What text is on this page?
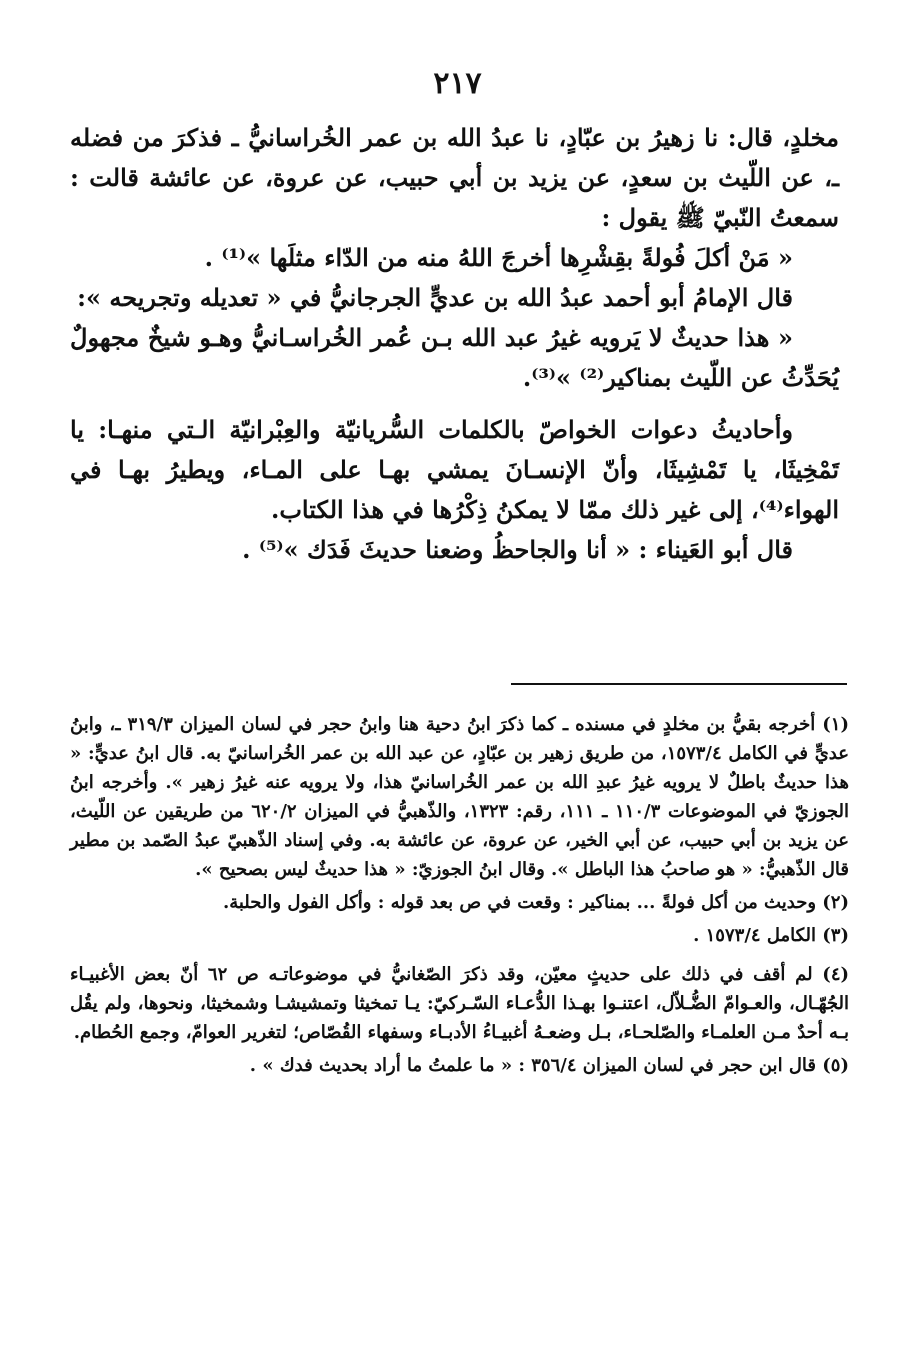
٢١٧

مخلدٍ، قال: نا زهيرُ بن عبّادٍ، نا عبدُ الله بن عمر الخُراسانيُّ ـ فذكرَ من فضله ـ، عن اللّيث بن سعدٍ، عن يزيد بن أبي حبيب، عن عروة، عن عائشة قالت : سمعتُ النّبيّ ﷺ يقول :

« مَنْ أكلَ فُولةً بقِشْرِها أخرجَ اللهُ منه من الدّاء مثلَها »⁽¹⁾ .

قال الإمامُ أبو أحمد عبدُ الله بن عديٍّ الجرجانيُّ في « تعديله وتجريحه »:

« هذا حديثٌ لا يَرويه غيرُ عبد الله بـن عُمر الخُراسـانيُّ وهـو شيخٌ مجهولٌ يُحَدِّثُ عن اللّيث بمناكير⁽²⁾ »⁽³⁾.

وأحاديثُ دعوات الخواصّ بالكلمات السُّريانيّة والعِبْرانيّة الـتي منهـا: يا تَمْخِيثَا، يا تَمْشِيثَا، وأنّ الإنسـانَ يمشي بهـا على المـاء، ويطيرُ بهـا في الهواء⁽⁴⁾، إلى غير ذلك ممّا لا يمكنُ ذِكْرُها في هذا الكتاب.

قال أبو العَيناء : « أنا والجاحظُ وضعنا حديثَ فَدَك »⁽⁵⁾ .

(١) أخرجه بقيُّ بن مخلدٍ في مسنده ـ كما ذكرَ ابنُ دحية هنا وابنُ حجر في لسان الميزان ٣١٩/٣ ـ، وابنُ عديٍّ في الكامل ١٥٧٣/٤، من طريق زهير بن عبّادٍ، عن عبد الله بن عمر الخُراسانيّ به. قال ابنُ عديٍّ: « هذا حديثٌ باطلٌ لا يرويه غيرُ عبدِ الله بن عمر الخُراسانيّ هذا، ولا يرويه عنه غيرُ زهير ». وأخرجه ابنُ الجوزيّ في الموضوعات ١١٠/٣ ـ ١١١، رقم: ١٣٢٣، والذّهبيُّ في الميزان ٦٢٠/٢ من طريقين عن اللّيث، عن يزيد بن أبي حبيب، عن أبي الخير، عن عروة، عن عائشة به. وفي إسناد الذّهبيّ عبدُ الصّمد بن مطير قال الذّهبيُّ: « هو صاحبُ هذا الباطل ». وقال ابنُ الجوزيّ: « هذا حديثٌ ليس بصحيح ».

(٢) وحديث من أكل فولةً ... بمناكير : وقعت في ص بعد قوله : وأكل الفول والحلبة.

(٣) الكامل ١٥٧٣/٤ .

(٤) لم أقف في ذلك على حديثٍ معيّن، وقد ذكرَ الصّغانيُّ في موضوعاتـه ص ٦٢ أنّ بعض الأغبيـاء الجُهّـال، والعـوامّ الضُّـلاّل، اعتنـوا بهـذا الدُّعـاء السّـركيّ: يـا تمخيثا وتمشيشـا وشمخيثا، ونحوها، ولم يقُل بـه أحدٌ مـن العلمـاء والصّلحـاء، بـل وضعـهُ أغبيـاءُ الأدبـاء وسفهاء القُصّاص؛ لتغرير العوامّ، وجمع الحُطام.

(٥) قال ابن حجر في لسان الميزان ٣٥٦/٤ : « ما علمتُ ما أراد بحديث فدك » .
